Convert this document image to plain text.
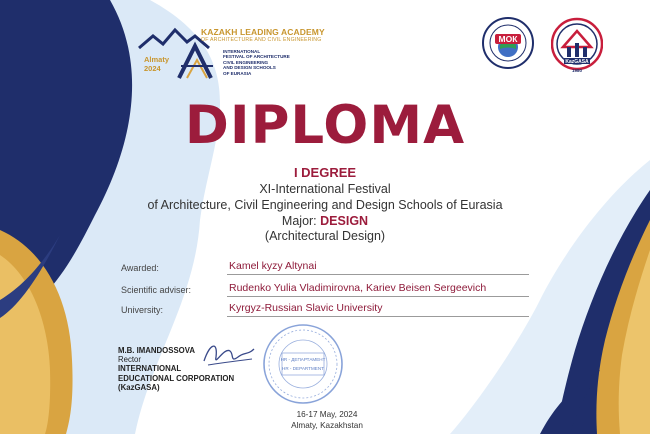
KAZAKH LEADING ACADEMY
OF ARCHITECTURE AND CIVIL ENGINEERING
Almaty
2024
INTERNATIONAL
FESTIVAL OF ARCHITECTURE
CIVIL ENGINEERING
AND DESIGN SCHOOLS
OF EURASIA
МОК
KazGASA
1980
DIPLOMA
I DEGREE
XI-International Festival
of Architecture, Civil Engineering and Design Schools of Eurasia
Major: DESIGN
(Architectural Design)
Awarded:	Kamel kyzy Altynai
Scientific adviser:	Rudenko Yulia Vladimirovna, Kariev Beisen Sergeevich
University:	Kyrgyz-Russian Slavic University
M.B. IMANDOSSOVA
Rector
INTERNATIONAL EDUCATIONAL CORPORATION (KazGASA)
HR - ДЕПАРТАМЕНТ
HR - DEPARTMENT
16-17 May, 2024
Almaty, Kazakhstan
